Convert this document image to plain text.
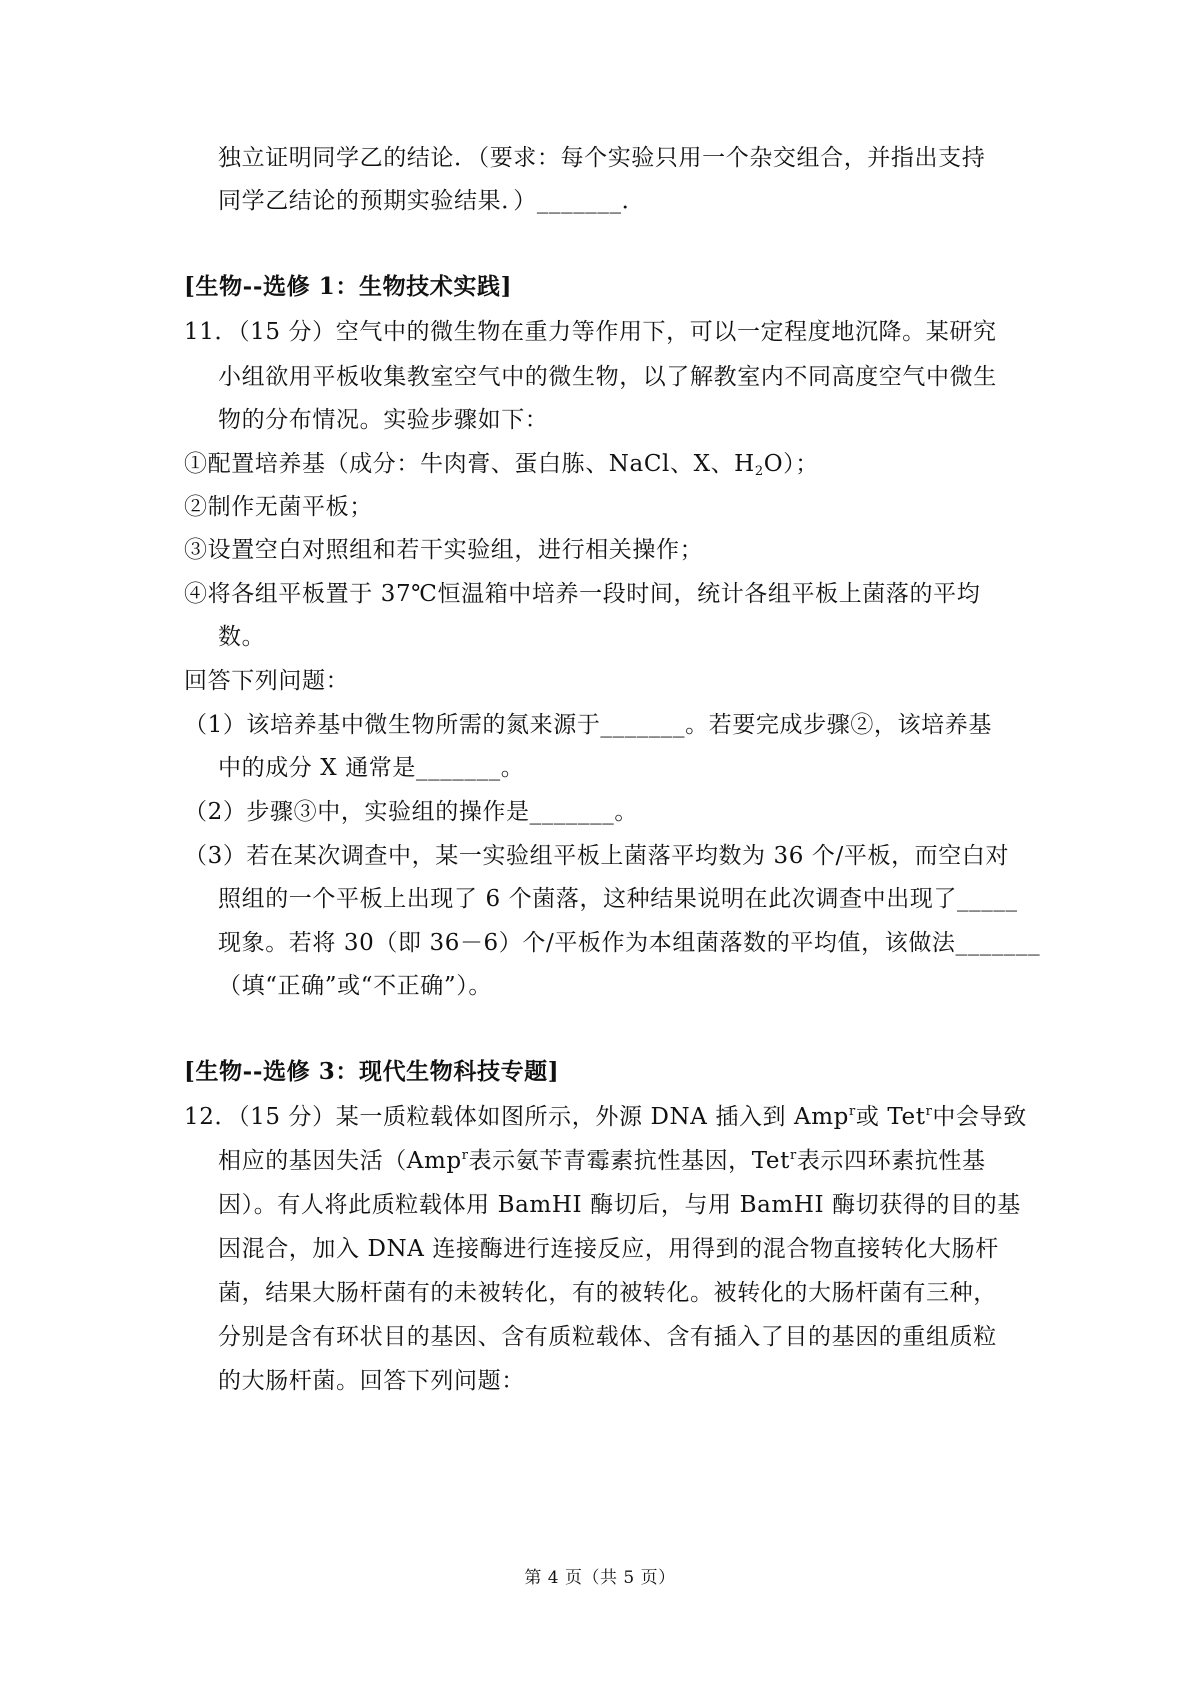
独立证明同学乙的结论．（要求：每个实验只用一个杂交组合，并指出支持
同学乙结论的预期实验结果．）_______．
[生物--选修 1：生物技术实践]
11．（15 分）空气中的微生物在重力等作用下，可以一定程度地沉降。某研究
小组欲用平板收集教室空气中的微生物，以了解教室内不同高度空气中微生
物的分布情况。实验步骤如下：
①配置培养基（成分：牛肉膏、蛋白胨、NaCl、X、$H_2O$）；
②制作无菌平板；
③设置空白对照组和若干实验组，进行相关操作；
④将各组平板置于 37℃恒温箱中培养一段时间，统计各组平板上菌落的平均
数。
回答下列问题：
（1）该培养基中微生物所需的氮来源于_______。若要完成步骤②，该培养基
中的成分 X 通常是_______。
（2）步骤③中，实验组的操作是_______。
（3）若在某次调查中，某一实验组平板上菌落平均数为 36 个/平板，而空白对
照组的一个平板上出现了 6 个菌落，这种结果说明在此次调查中出现了_____
现象。若将 30（即 36－6）个/平板作为本组菌落数的平均值，该做法_______
（填“正确”或“不正确”）。
[生物--选修 3：现代生物科技专题]
12．（15 分）某一质粒载体如图所示，外源 DNA 插入到 Amp$^r$或 Tet$^r$中会导致
相应的基因失活（Amp$^r$表示氨苄青霉素抗性基因，Tet$^r$表示四环素抗性基
因）。有人将此质粒载体用 BamHI 酶切后，与用 BamHI 酶切获得的目的基
因混合，加入 DNA 连接酶进行连接反应，用得到的混合物直接转化大肠杆
菌，结果大肠杆菌有的未被转化，有的被转化。被转化的大肠杆菌有三种，
分别是含有环状目的基因、含有质粒载体、含有插入了目的基因的重组质粒
的大肠杆菌。回答下列问题：
第 4 页（共 5 页）
